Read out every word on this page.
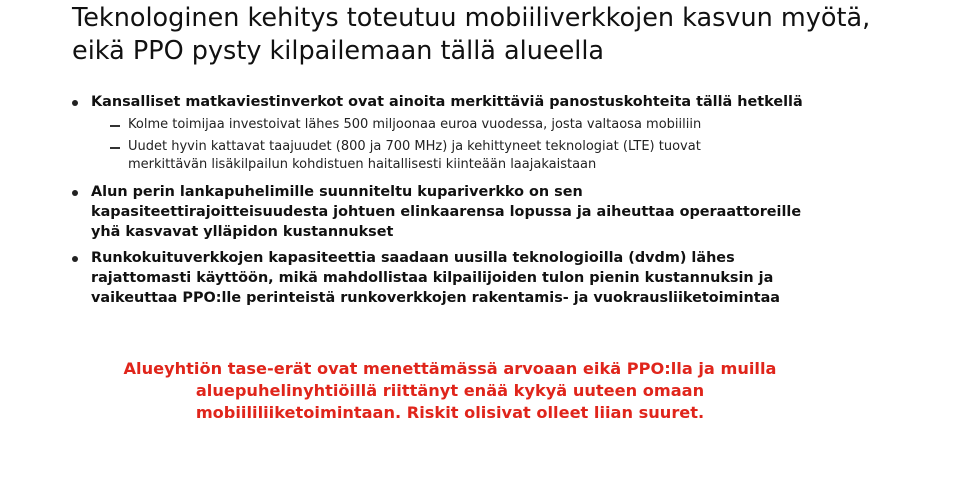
Teknologinen kehitys toteutuu mobiiliverkkojen kasvun myötä,
eikä PPO pysty kilpailemaan tällä alueella
Kansalliset matkaviestinverkot ovat ainoita merkittäviä panostuskohteita tällä hetkellä
Kolme toimijaa investoivat lähes 500 miljoonaa euroa vuodessa, josta valtaosa mobiiliin
Uudet hyvin kattavat taajuudet (800 ja 700 MHz) ja kehittyneet teknologiat (LTE) tuovat
merkittävän lisäkilpailun kohdistuen haitallisesti kiinteään laajakaistaan
Alun perin lankapuhelimille suunniteltu kupariverkko on sen
kapasiteettirajoitteisuudesta johtuen elinkaarensa lopussa ja aiheuttaa operaattoreille
yhä kasvavat ylläpidon kustannukset
Runkokuituverkkojen kapasiteettia saadaan uusilla teknologioilla (dvdm) lähes
rajattomasti käyttöön, mikä mahdollistaa kilpailijoiden tulon pienin kustannuksin ja
vaikeuttaa PPO:lle perinteistä runkoverkkojen rakentamis- ja vuokrausliiketoimintaa
Alueyhtiön tase-erät ovat menettämässä arvoaan eikä PPO:lla ja muilla
aluepuhelinyhtiöillä riittänyt enää kykyä uuteen omaan
mobiililiiketoimintaan. Riskit olisivat olleet liian suuret.
